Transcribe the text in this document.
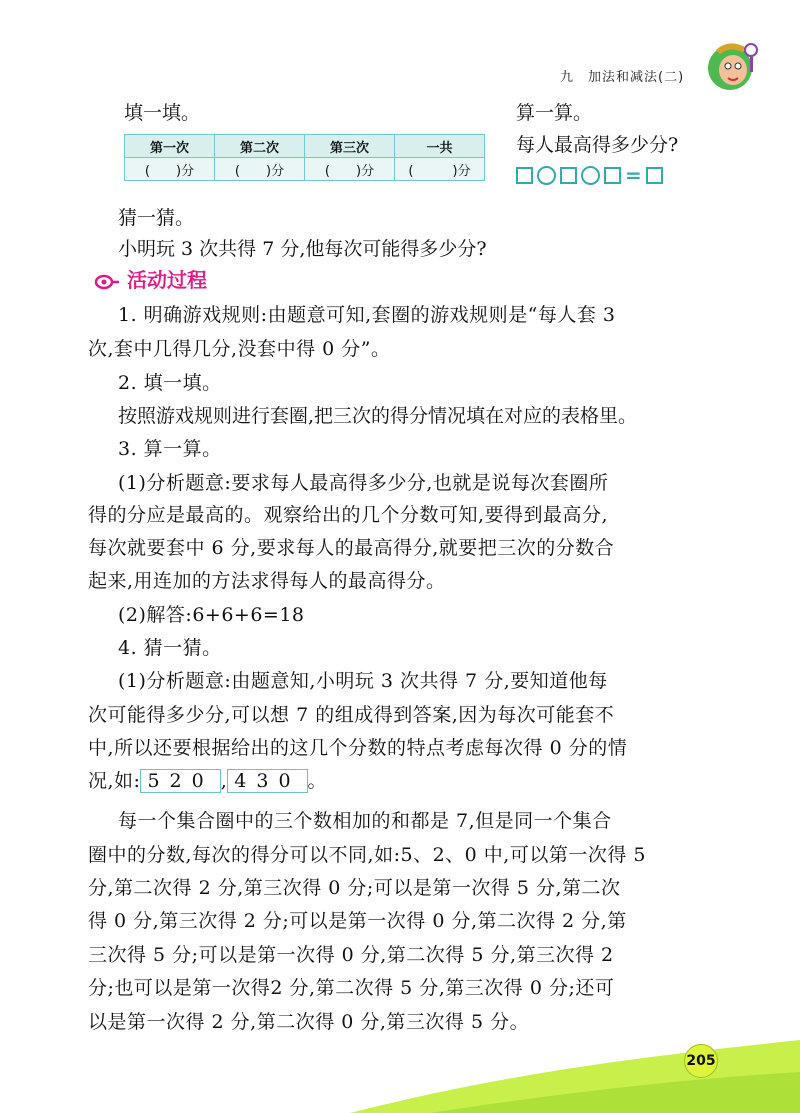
九　加法和减法(二)
填一填。
第一次	第二次	第三次	一共
(　　)分	(　　)分	(　　)分	(　　　)分
算一算。
每人最高得多少分?
=
猜一猜。
小明玩 3 次共得 7 分,他每次可能得多少分?
活动过程
1. 明确游戏规则:由题意可知,套圈的游戏规则是“每人套 3
次,套中几得几分,没套中得 0 分”。
2. 填一填。
按照游戏规则进行套圈,把三次的得分情况填在对应的表格里。
3. 算一算。
(1)分析题意:要求每人最高得多少分,也就是说每次套圈所
得的分应是最高的。观察给出的几个分数可知,要得到最高分,
每次就要套中 6 分,要求每人的最高得分,就要把三次的分数合
起来,用连加的方法求得每人的最高得分。
(2)解答:6+6+6=18
4. 猜一猜。
(1)分析题意:由题意知,小明玩 3 次共得 7 分,要知道他每
次可能得多少分,可以想 7 的组成得到答案,因为每次可能套不
中,所以还要根据给出的这几个分数的特点考虑每次得 0 分的情
况,如: 520 , 430 。
每一个集合圈中的三个数相加的和都是 7,但是同一个集合
圈中的分数,每次的得分可以不同,如:5、2、0 中,可以第一次得 5
分,第二次得 2 分,第三次得 0 分;可以是第一次得 5 分,第二次
得 0 分,第三次得 2 分;可以是第一次得 0 分,第二次得 2 分,第
三次得 5 分;可以是第一次得 0 分,第二次得 5 分,第三次得 2
分;也可以是第一次得2 分,第二次得 5 分,第三次得 0 分;还可
以是第一次得 2 分,第二次得 0 分,第三次得 5 分。
205
